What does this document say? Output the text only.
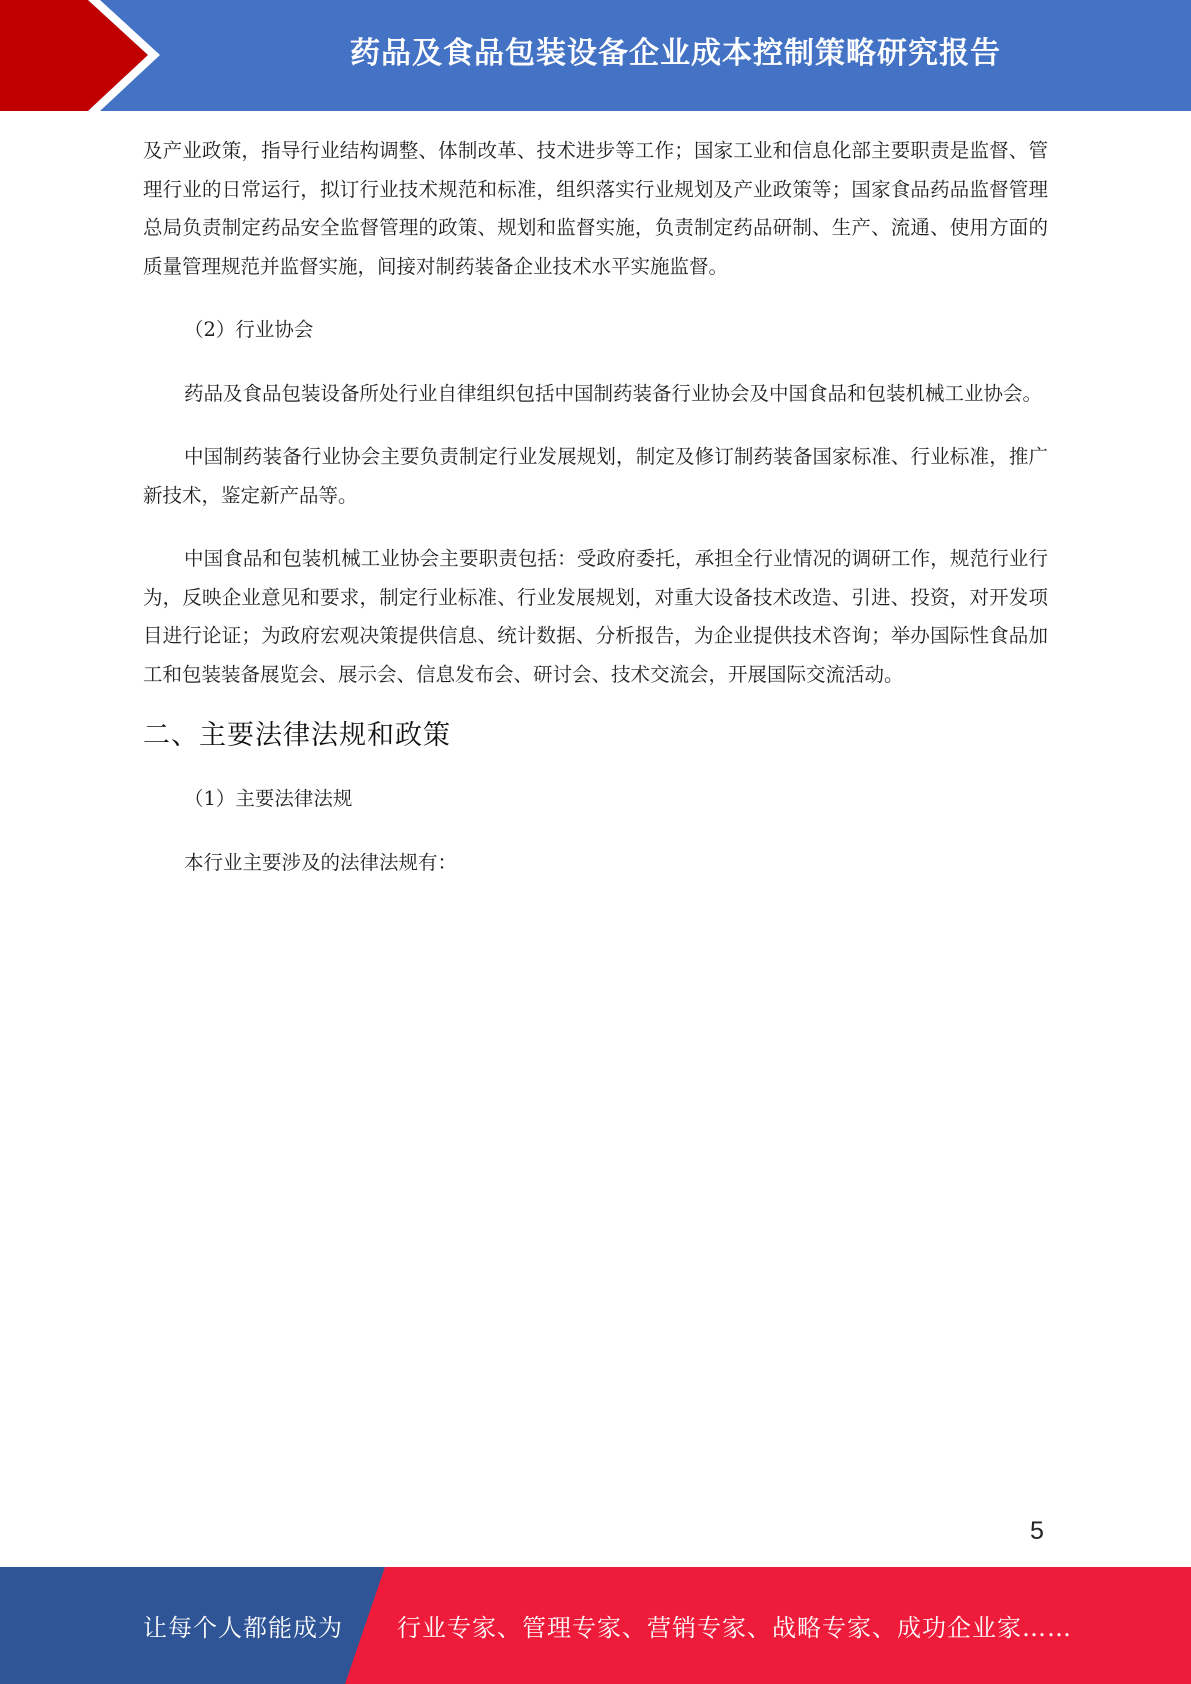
药品及食品包装设备企业成本控制策略研究报告

及产业政策，指导行业结构调整、体制改革、技术进步等工作；国家工业和信息化部主要职责是监督、管理行业的日常运行，拟订行业技术规范和标准，组织落实行业规划及产业政策等；国家食品药品监督管理总局负责制定药品安全监督管理的政策、规划和监督实施，负责制定药品研制、生产、流通、使用方面的质量管理规范并监督实施，间接对制药装备企业技术水平实施监督。

（2）行业协会

药品及食品包装设备所处行业自律组织包括中国制药装备行业协会及中国食品和包装机械工业协会。

中国制药装备行业协会主要负责制定行业发展规划，制定及修订制药装备国家标准、行业标准，推广新技术，鉴定新产品等。

中国食品和包装机械工业协会主要职责包括：受政府委托，承担全行业情况的调研工作，规范行业行为，反映企业意见和要求，制定行业标准、行业发展规划，对重大设备技术改造、引进、投资，对开发项目进行论证；为政府宏观决策提供信息、统计数据、分析报告，为企业提供技术咨询；举办国际性食品加工和包装装备展览会、展示会、信息发布会、研讨会、技术交流会，开展国际交流活动。

二、主要法律法规和政策

（1）主要法律法规

本行业主要涉及的法律法规有：

5
让每个人都能成为 行业专家、管理专家、营销专家、战略专家、成功企业家……
